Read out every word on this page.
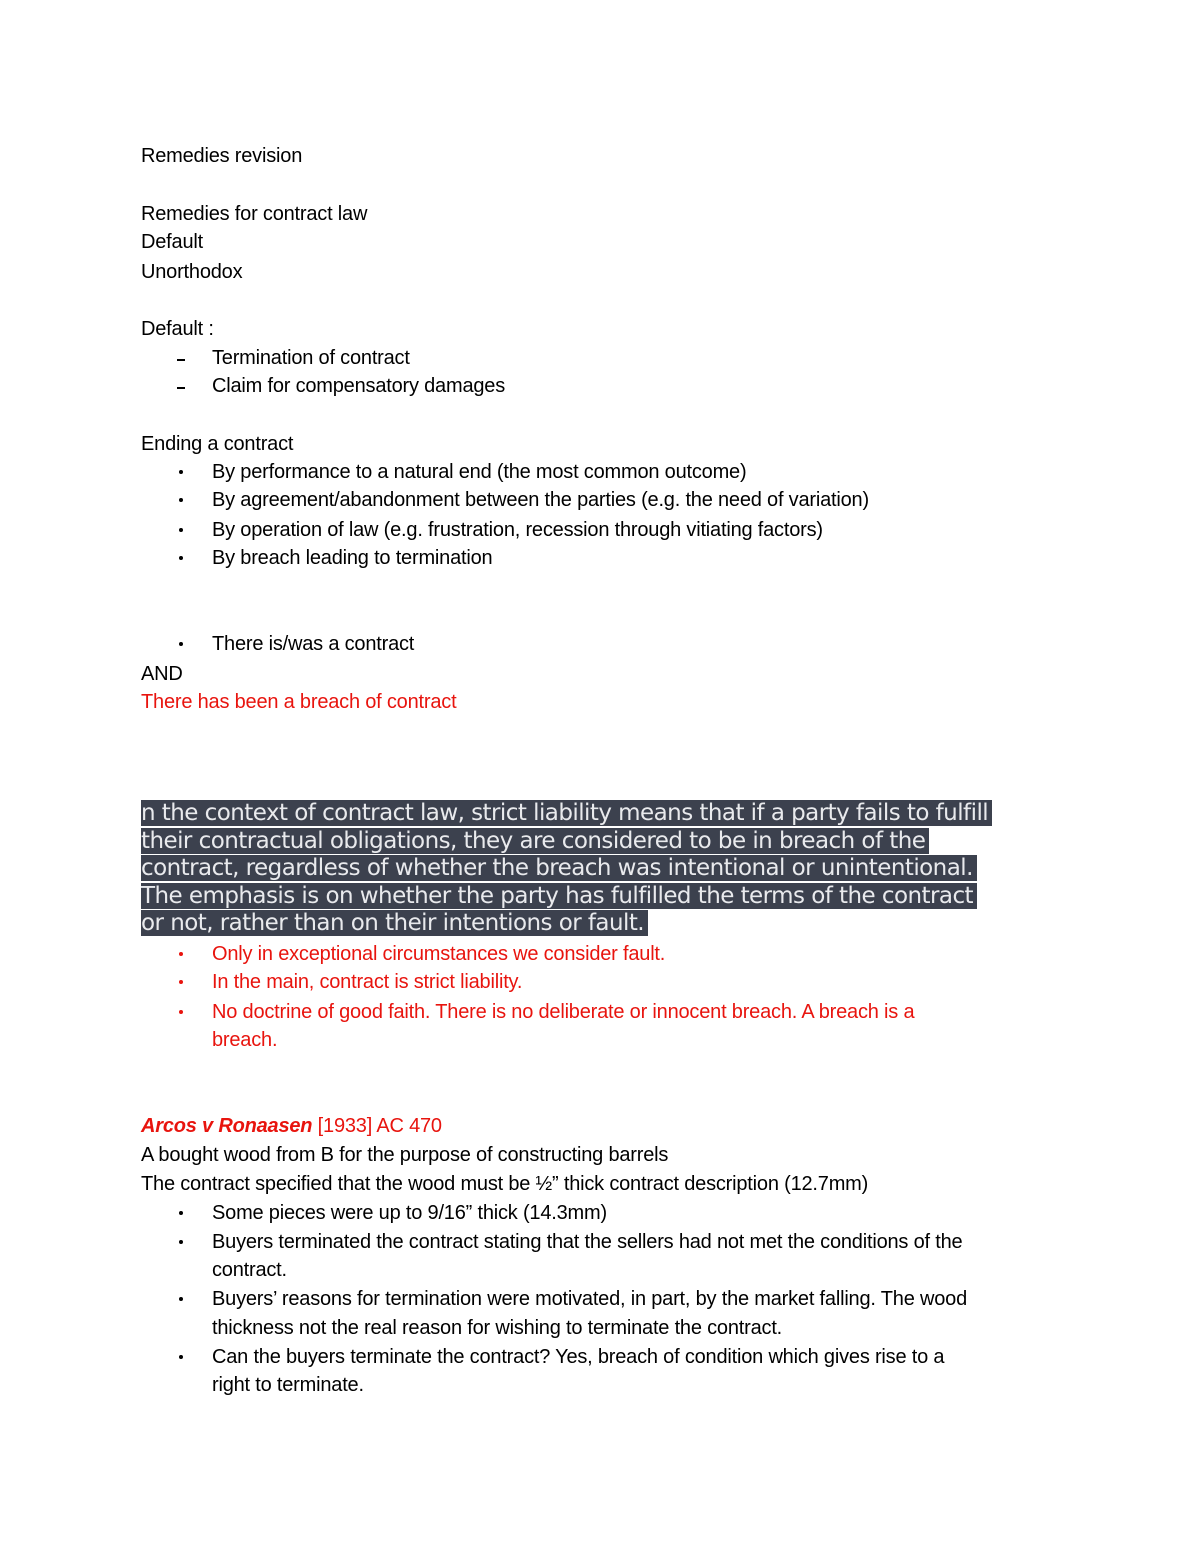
Remedies revision
Remedies for contract law
Default
Unorthodox
Default :
Termination of contract
Claim for compensatory damages
Ending a contract
By performance to a natural end (the most common outcome)
By agreement/abandonment between the parties (e.g. the need of variation)
By operation of law (e.g. frustration, recession through vitiating factors)
By breach leading to termination
There is/was a contract
AND
There has been a breach of contract
n the context of contract law, strict liability means that if a party fails to fulfill
their contractual obligations, they are considered to be in breach of the
contract, regardless of whether the breach was intentional or unintentional.
The emphasis is on whether the party has fulfilled the terms of the contract
or not, rather than on their intentions or fault.
Only in exceptional circumstances we consider fault.
In the main, contract is strict liability.
No doctrine of good faith. There is no deliberate or innocent breach. A breach is a
breach.
Arcos v Ronaasen [1933] AC 470
A bought wood from B for the purpose of constructing barrels
The contract specified that the wood must be ½” thick contract description (12.7mm)
Some pieces were up to 9/16” thick (14.3mm)
Buyers terminated the contract stating that the sellers had not met the conditions of the
contract.
Buyers’ reasons for termination were motivated, in part, by the market falling. The wood
thickness not the real reason for wishing to terminate the contract.
Can the buyers terminate the contract? Yes, breach of condition which gives rise to a
right to terminate.
